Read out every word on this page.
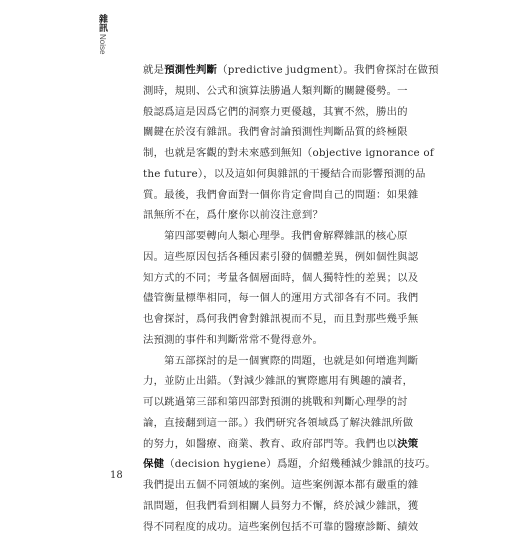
雜訊Noise
就是預測性判斷（predictive judgment）。我們會探討在做預
測時，規則、公式和演算法勝過人類判斷的關鍵優勢。一
般認爲這是因爲它們的洞察力更優越，其實不然，勝出的
關鍵在於沒有雜訊。我們會討論預測性判斷品質的終極限
制，也就是客觀的對未來感到無知（objective ignorance of
the future），以及這如何與雜訊的干擾結合而影響預測的品
質。最後，我們會面對一個你肯定會問自己的問題：如果雜
訊無所不在，爲什麼你以前沒注意到？
第四部要轉向人類心理學。我們會解釋雜訊的核心原
因。這些原因包括各種因素引發的個體差異，例如個性與認
知方式的不同；考量各個層面時，個人獨特性的差異；以及
儘管衡量標準相同，每一個人的運用方式卻各有不同。我們
也會探討，爲何我們會對雜訊視而不見，而且對那些幾乎無
法預測的事件和判斷常常不覺得意外。
第五部探討的是一個實際的問題，也就是如何增進判斷
力，並防止出錯。（對減少雜訊的實際應用有興趣的讀者，
可以跳過第三部和第四部對預測的挑戰和判斷心理學的討
論，直接翻到這一部。）我們研究各領域爲了解決雜訊所做
的努力，如醫療、商業、教育、政府部門等。我們也以決策
保健（decision hygiene）爲題，介紹幾種減少雜訊的技巧。
我們提出五個不同領域的案例。這些案例源本都有嚴重的雜
訊問題，但我們看到相關人員努力不懈，終於減少雜訊，獲
得不同程度的成功。這些案例包括不可靠的醫療診斷、績效
18
